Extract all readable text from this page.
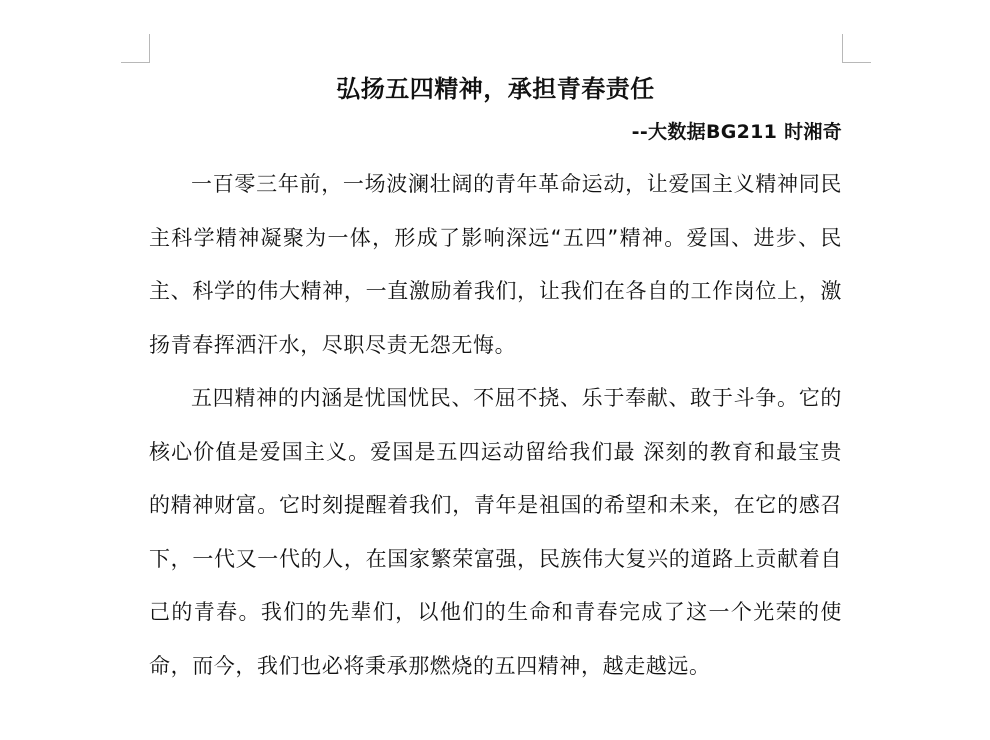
弘扬五四精神，承担青春责任
--大数据BG211 时湘奇

一百零三年前，一场波澜壮阔的青年革命运动，让爱国主义精神同民主科学精神凝聚为一体，形成了影响深远“五四”精神。爱国、进步、民主、科学的伟大精神，一直激励着我们，让我们在各自的工作岗位上，激扬青春挥洒汗水，尽职尽责无怨无悔。

五四精神的内涵是忧国忧民、不屈不挠、乐于奉献、敢于斗争。它的核心价值是爱国主义。爱国是五四运动留给我们最 深刻的教育和最宝贵的精神财富。它时刻提醒着我们，青年是祖国的希望和未来，在它的感召下，一代又一代的人，在国家繁荣富强，民族伟大复兴的道路上贡献着自己的青春。我们的先辈们，以他们的生命和青春完成了这一个光荣的使命，而今，我们也必将秉承那燃烧的五四精神，越走越远。
